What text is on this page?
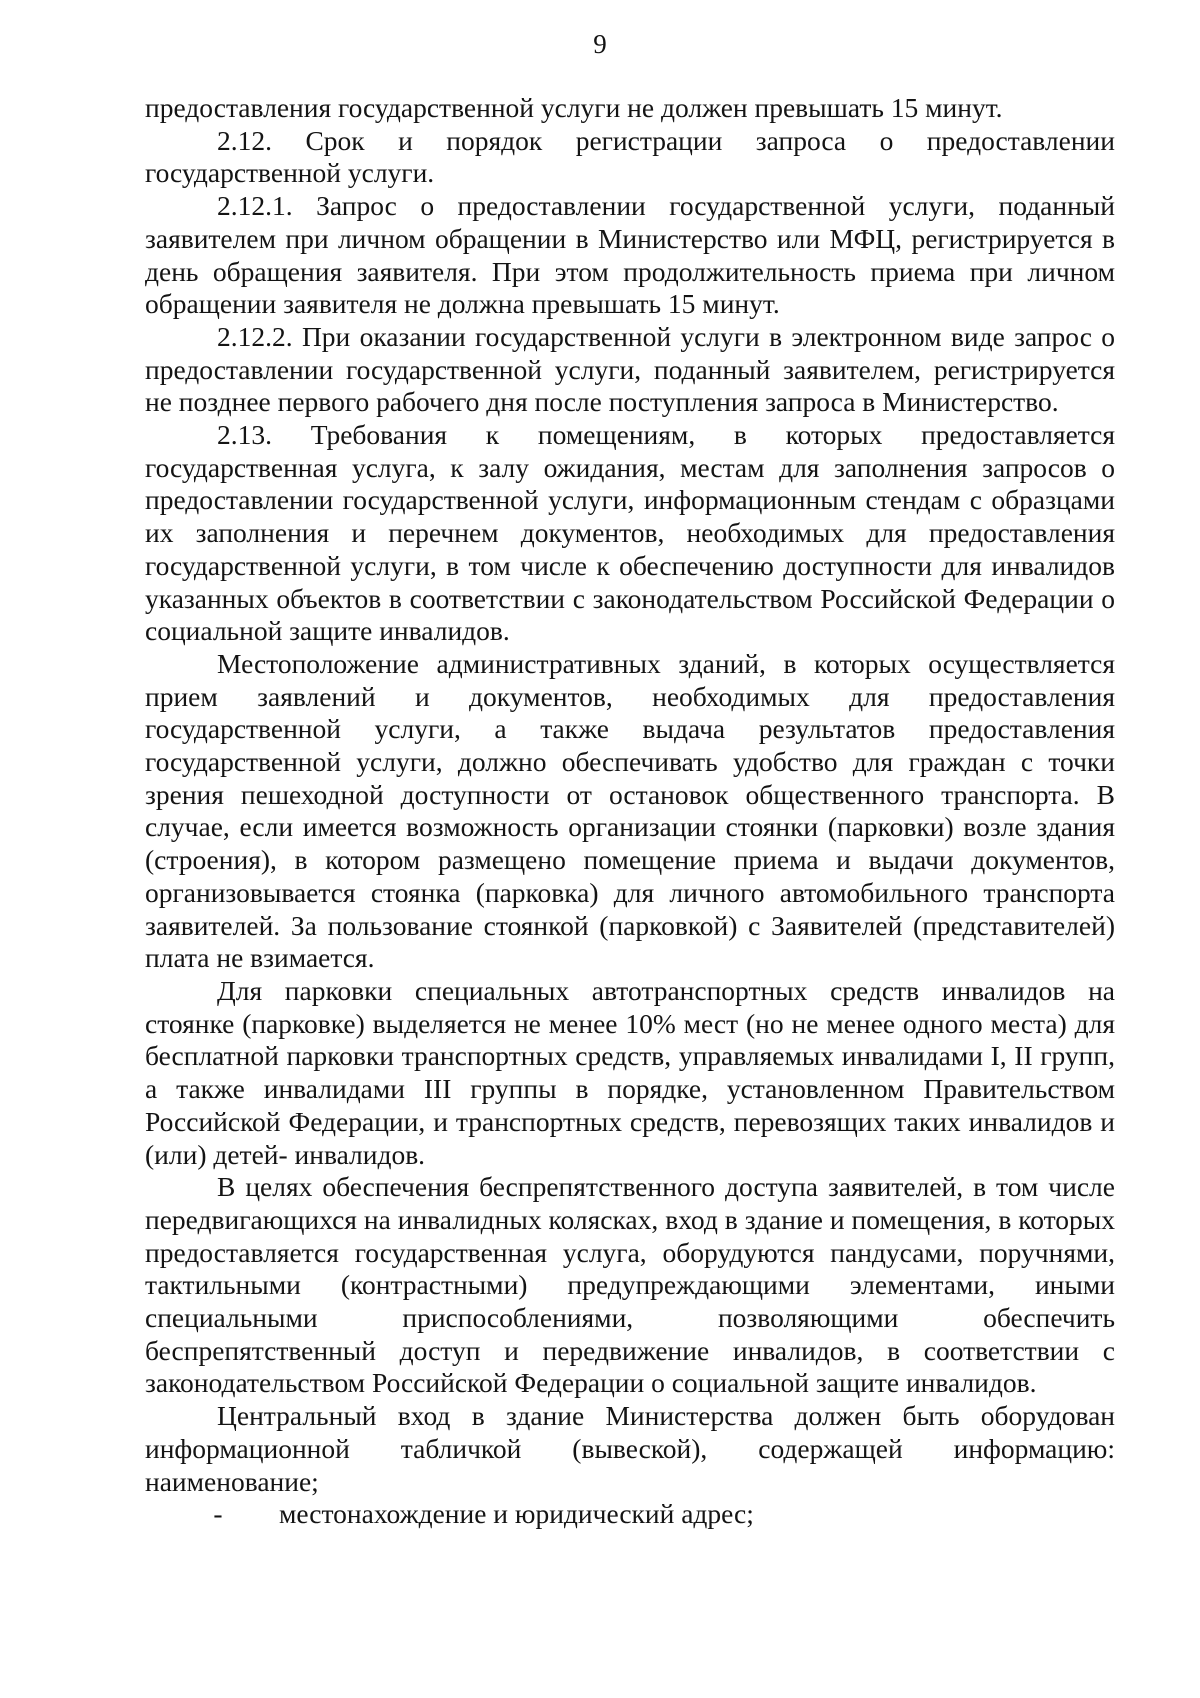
9

предоставления государственной услуги не должен превышать 15 минут.

2.12. Срок и порядок регистрации запроса о предоставлении государственной услуги.

2.12.1. Запрос о предоставлении государственной услуги, поданный заявителем при личном обращении в Министерство или МФЦ, регистрируется в день обращения заявителя. При этом продолжительность приема при личном обращении заявителя не должна превышать 15 минут.

2.12.2. При оказании государственной услуги в электронном виде запрос о предоставлении государственной услуги, поданный заявителем, регистрируется не позднее первого рабочего дня после поступления запроса в Министерство.

2.13. Требования к помещениям, в которых предоставляется государственная услуга, к залу ожидания, местам для заполнения запросов о предоставлении государственной услуги, информационным стендам с образцами их заполнения и перечнем документов, необходимых для предоставления государственной услуги, в том числе к обеспечению доступности для инвалидов указанных объектов в соответствии с законодательством Российской Федерации о социальной защите инвалидов.

Местоположение административных зданий, в которых осуществляется прием заявлений и документов, необходимых для предоставления государственной услуги, а также выдача результатов предоставления государственной услуги, должно обеспечивать удобство для граждан с точки зрения пешеходной доступности от остановок общественного транспорта. В случае, если имеется возможность организации стоянки (парковки) возле здания (строения), в котором размещено помещение приема и выдачи документов, организовывается стоянка (парковка) для личного автомобильного транспорта заявителей. За пользование стоянкой (парковкой) с Заявителей (представителей) плата не взимается.

Для парковки специальных автотранспортных средств инвалидов на стоянке (парковке) выделяется не менее 10% мест (но не менее одного места) для бесплатной парковки транспортных средств, управляемых инвалидами I, II групп, а также инвалидами III группы в порядке, установленном Правительством Российской Федерации, и транспортных средств, перевозящих таких инвалидов и (или) детей- инвалидов.

В целях обеспечения беспрепятственного доступа заявителей, в том числе передвигающихся на инвалидных колясках, вход в здание и помещения, в которых предоставляется государственная услуга, оборудуются пандусами, поручнями, тактильными (контрастными) предупреждающими элементами, иными специальными приспособлениями, позволяющими обеспечить беспрепятственный доступ и передвижение инвалидов, в соответствии с законодательством Российской Федерации о социальной защите инвалидов.

Центральный вход в здание Министерства должен быть оборудован информационной табличкой (вывеской), содержащей информацию: наименование;

-	местонахождение и юридический адрес;
